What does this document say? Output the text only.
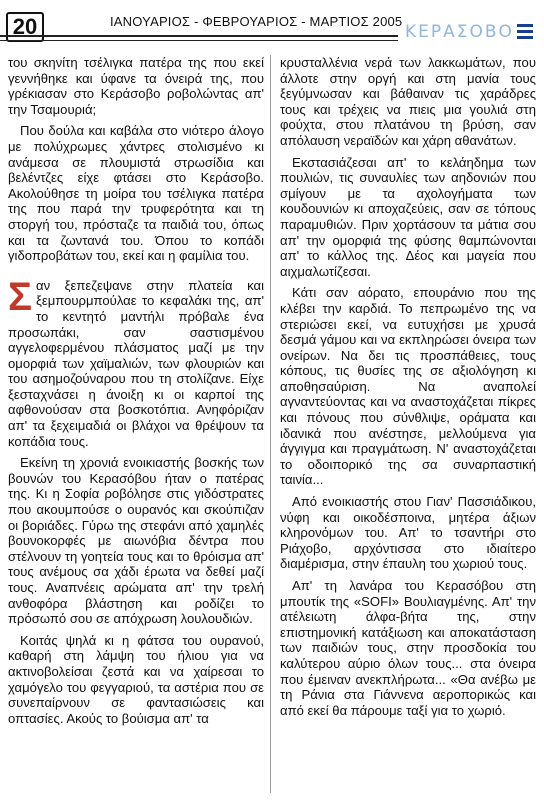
20	ΙΑΝΟΥΑΡΙΟΣ - ΦΕΒΡΟΥΑΡΙΟΣ - ΜΑΡΤΙΟΣ 2005
ΚΕΡΑΣΟΒΟ

του σκηνίτη τσέλιγκα πατέρα της που εκεί γεννήθηκε και ύφανε τα όνειρά της, που γρέκιασαν στο Κεράσοβο ροβολώντας απ' την Τσαμουριά;

Που δούλα και καβάλα στο νιότερο άλογο με πολύχρωμες χάντρες στολισμένο κι ανάμεσα σε πλουμιστά στρωσίδια και βελέντζες είχε φτάσει στο Κεράσοβο. Ακολούθησε τη μοίρα του τσέλιγκα πατέρα της που παρά την τρυφερότητα και τη στοργή του, πρόσταζε τα παιδιά του, όπως και τα ζωντανά του. Όπου το κοπάδι γιδοπροβάτων του, εκεί και η φαμίλια του.

Σαν ξεπεζεψανε στην πλατεία και ξεμπουρμπούλαε το κεφαλάκι της, απ' το κεντητό μαντήλι πρόβαλε ένα προσωπάκι, σαν σαστισμένου αγγελοφερμένου πλάσματος μαζί με την ομορφιά των χαϊμαλιών, των φλουριών και του ασημοζούναρου που τη στολίζανε. Είχε ξεσταχνάσει η άνοιξη κι οι καρποί της αφθονούσαν στα βοσκοτόπια. Ανηφόριζαν απ' τα ξεχειμαδιά οι βλάχοι να θρέψουν τα κοπάδια τους.

Εκείνη τη χρονιά ενοικιαστής βοσκής των βουνών του Κερασόβου ήταν ο πατέρας της. Κι η Σοφία ροβόλησε στις γιδόστρατες που ακουμπούσε ο ουρανός και σκούπιζαν οι βοριάδες. Γύρω της στεφάνι από χαμηλές βουνοκορφές με αιωνόβια δέντρα που στέλνουν τη γοητεία τους και το θρόισμα απ' τους ανέμους σα χάδι έρωτα να δεθεί μαζί τους. Αναπνέεις αρώματα απ' την τρελή ανθοφόρα βλάστηση και ροδίζει το πρόσωπό σου σε απόχρωση λουλουδιών.

Κοιτάς ψηλά κι η φάτσα του ουρανού, καθαρή στη λάμψη του ήλιου για να ακτινοβολείσαι ζεστά και να χαίρεσαι το χαμόγελο του φεγγαριού, τα αστέρια που σε συνεπαίρνουν σε φαντασιώσεις και οπτασίες. Ακούς το βούισμα απ' τα

κρυσταλλένια νερά των λακκωμάτων, που άλλοτε στην οργή και στη μανία τους ξεγύμνωσαν και βάθαιναν τις χαράδρες τους και τρέχεις να πιεις μια γουλιά στη φούχτα, στου πλατάνου τη βρύση, σαν απόλαυση νεραϊδών και χάρη αθανάτων.

Εκστασιάζεσαι απ' το κελάηδημα των πουλιών, τις συναυλίες των αηδονιών που σμίγουν με τα αχολογήματα των κουδουνιών κι αποχαζεύεις, σαν σε τόπους παραμυθιών. Πριν χορτάσουν τα μάτια σου απ' την ομορφιά της φύσης θαμπώνονται απ' το κάλλος της. Δέος και μαγεία που αιχμαλωτίζεσαι.

Κάτι σαν αόρατο, επουράνιο που της κλέβει την καρδιά. Το πεπρωμένο της να στεριώσει εκεί, να ευτυχήσει με χρυσά δεσμά γάμου και να εκπληρώσει όνειρα των ονείρων. Να δει τις προσπάθειες, τους κόπους, τις θυσίες της σε αξιολόγηση κι αποθησαύριση. Να αναπολεί αγναντεύοντας και να αναστοχάζεται πίκρες και πόνους που σύνθλιψε, οράματα και ιδανικά που ανέστησε, μελλούμενα για άγγιγμα και πραγμάτωση. Ν' αναστοχάζεται το οδοιπορικό της σα συναρπαστική ταινία...

Από ενοικιαστής στου Γιαν' Πασσιάδικου, νύφη και οικοδέσποινα, μητέρα άξιων κληρονόμων του. Απ' το τσαντήρι στο Ριάχοβο, αρχόντισσα στο ιδιαίτερο διαμέρισμα, στην έπαυλη του χωριού τους.

Απ' τη λανάρα του Κερασόβου στη μπουτίκ της «SOFI» Βουλιαγμένης. Απ' την ατέλειωτη άλφα-βήτα της, στην επιστημονική κατάξιωση και αποκατάσταση των παιδιών τους, στην προσδοκία του καλύτερου αύριο όλων τους... στα όνειρα που έμειναν ανεκπλήρωτα... «Θα ανέβω με τη Ράνια στα Γιάννενα αεροπορικώς και από εκεί θα πάρουμε ταξί για το χωριό.
